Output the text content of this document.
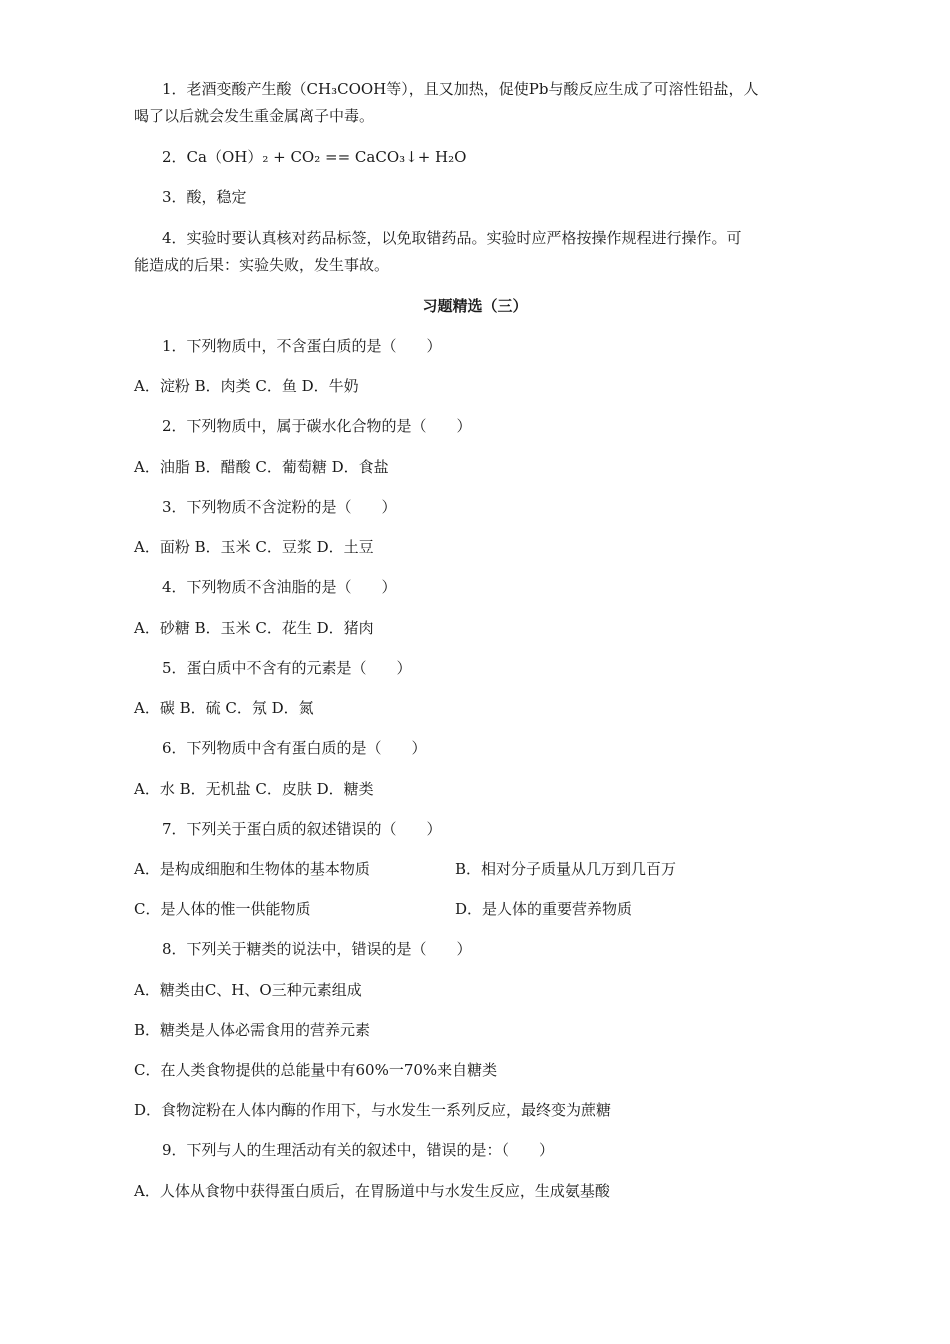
1．老酒变酸产生酸（CH₃COOH等），且又加热，促使Pb与酸反应生成了可溶性铅盐，人
喝了以后就会发生重金属离子中毒。
2．Ca（OH）₂ + CO₂ == CaCO₃↓+ H₂O
3．酸，稳定
4．实验时要认真核对药品标签，以免取错药品。实验时应严格按操作规程进行操作。可
能造成的后果：实验失败，发生事故。
习题精选（三）
1．下列物质中，不含蛋白质的是（　　）
A．淀粉 B．肉类 C．鱼 D．牛奶
2．下列物质中，属于碳水化合物的是（　　）
A．油脂 B．醋酸 C．葡萄糖 D．食盐
3．下列物质不含淀粉的是（　　）
A．面粉 B．玉米 C．豆浆 D．土豆
4．下列物质不含油脂的是（　　）
A．砂糖 B．玉米 C．花生 D．猪肉
5．蛋白质中不含有的元素是（　　）
A．碳 B．硫 C．氖 D．氮
6．下列物质中含有蛋白质的是（　　）
A．水 B．无机盐 C．皮肤 D．糖类
7．下列关于蛋白质的叙述错误的（　　）
A．是构成细胞和生物体的基本物质	B．相对分子质量从几万到几百万
C．是人体的惟一供能物质	D．是人体的重要营养物质
8．下列关于糖类的说法中，错误的是（　　）
A．糖类由C、H、O三种元素组成
B．糖类是人体必需食用的营养元素
C．在人类食物提供的总能量中有60%一70%来自糖类
D．食物淀粉在人体内酶的作用下，与水发生一系列反应，最终变为蔗糖
9．下列与人的生理活动有关的叙述中，错误的是：（　　）
A．人体从食物中获得蛋白质后，在胃肠道中与水发生反应，生成氨基酸
